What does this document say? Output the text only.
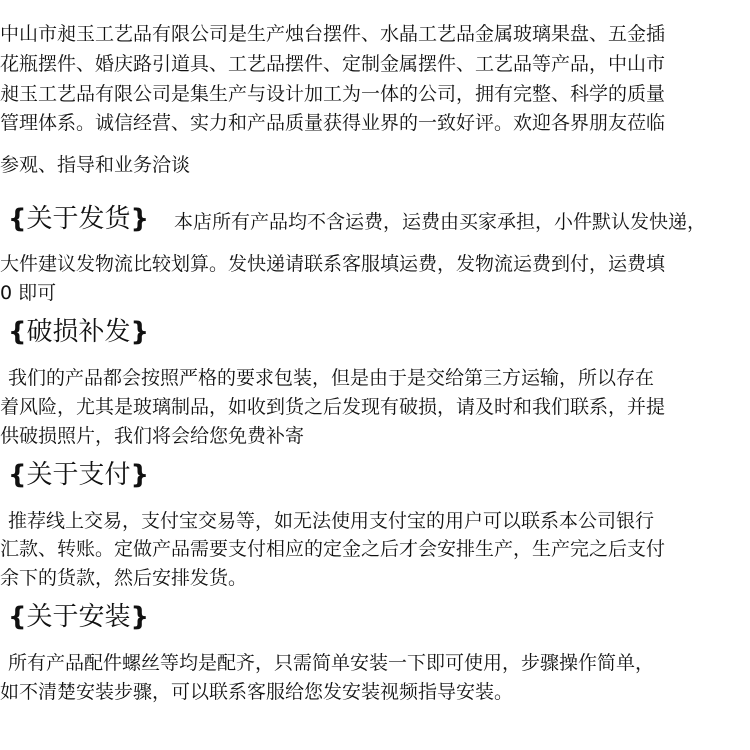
中山市昶玉工艺品有限公司是生产烛台摆件、水晶工艺品金属玻璃果盘、五金插
花瓶摆件、婚庆路引道具、工艺品摆件、定制金属摆件、工艺品等产品，中山市
昶玉工艺品有限公司是集生产与设计加工为一体的公司，拥有完整、科学的质量
管理体系。诚信经营、实力和产品质量获得业界的一致好评。欢迎各界朋友莅临
参观、指导和业务洽谈
{关于发货} 本店所有产品均不含运费，运费由买家承担，小件默认发快递，
大件建议发物流比较划算。发快递请联系客服填运费，发物流运费到付，运费填
0 即可
{破损补发}
我们的产品都会按照严格的要求包装，但是由于是交给第三方运输，所以存在
着风险，尤其是玻璃制品，如收到货之后发现有破损，请及时和我们联系，并提
供破损照片，我们将会给您免费补寄
{关于支付}
推荐线上交易，支付宝交易等，如无法使用支付宝的用户可以联系本公司银行
汇款、转账。定做产品需要支付相应的定金之后才会安排生产，生产完之后支付
余下的货款，然后安排发货。
{关于安装}
所有产品配件螺丝等均是配齐，只需简单安装一下即可使用，步骤操作简单，
如不清楚安装步骤，可以联系客服给您发安装视频指导安装。
